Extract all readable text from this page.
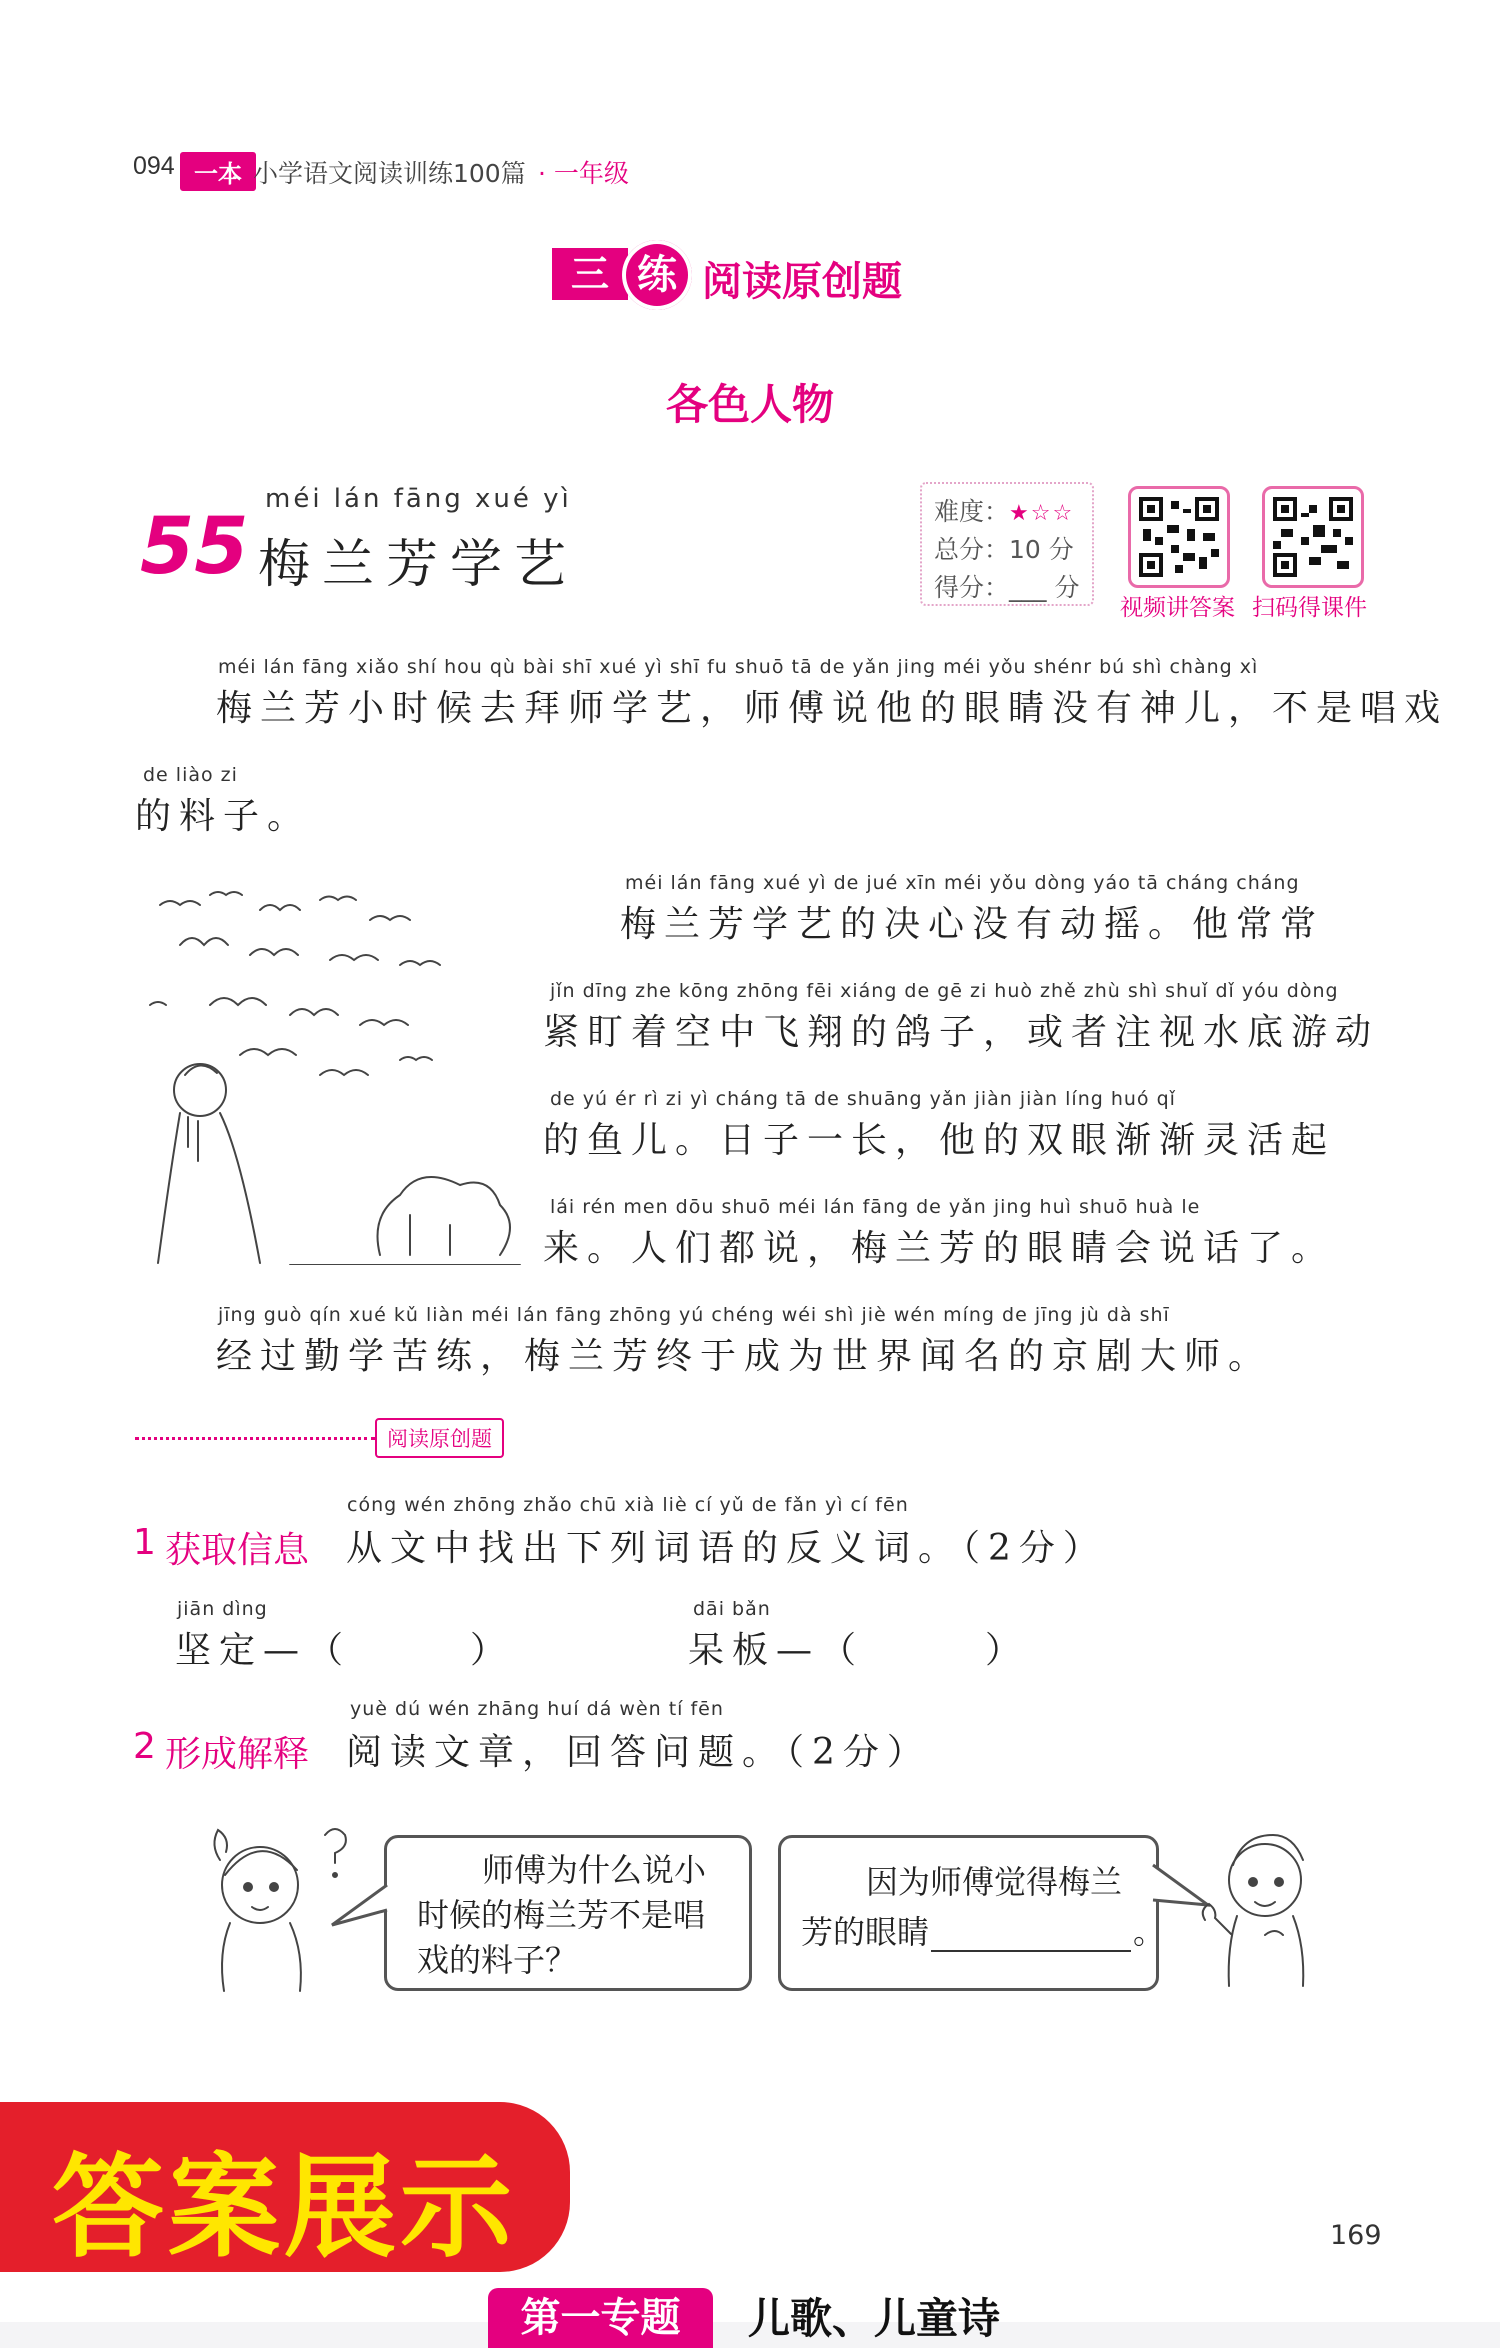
094 一本 小学语文阅读训练100篇 · 一年级
三 练 阅读原创题
各色人物
55
méi lán fāng xué yì
梅兰芳学艺
难度：★☆☆
总分：10 分
得分：___ 分
视频讲答案 扫码得课件
méi lán fāng xiǎo shí hou qù bài shī xué yì shī fu shuō tā de yǎn jing méi yǒu shénr bú shì chàng xì
梅兰芳小时候去拜师学艺，师傅说他的眼睛没有神儿，不是唱戏
de liào zi
的料子。
méi lán fāng xué yì de jué xīn méi yǒu dòng yáo tā cháng cháng
梅兰芳学艺的决心没有动摇。他常常
jǐn dīng zhe kōng zhōng fēi xiáng de gē zi huò zhě zhù shì shuǐ dǐ yóu dòng
紧盯着空中飞翔的鸽子，或者注视水底游动
de yú ér rì zi yì cháng tā de shuāng yǎn jiàn jiàn líng huó qǐ
的鱼儿。日子一长，他的双眼渐渐灵活起
lái rén men dōu shuō méi lán fāng de yǎn jing huì shuō huà le
来。人们都说，梅兰芳的眼睛会说话了。
jīng guò qín xué kǔ liàn méi lán fāng zhōng yú chéng wéi shì jiè wén míng de jīng jù dà shī
经过勤学苦练，梅兰芳终于成为世界闻名的京剧大师。
阅读原创题
cóng wén zhōng zhǎo chū xià liè cí yǔ de fǎn yì cí fēn
1 获取信息 从文中找出下列词语的反义词。（2分）
jiān dìng
坚定—（	）
dāi bǎn
呆板—（	）
yuè dú wén zhāng huí dá wèn tí fēn
2 形成解释 阅读文章，回答问题。（2分）
师傅为什么说小
时候的梅兰芳不是唱
戏的料子？
因为师傅觉得梅兰
芳的眼睛	。
答案展示	169
第一专题	儿歌、儿童诗
